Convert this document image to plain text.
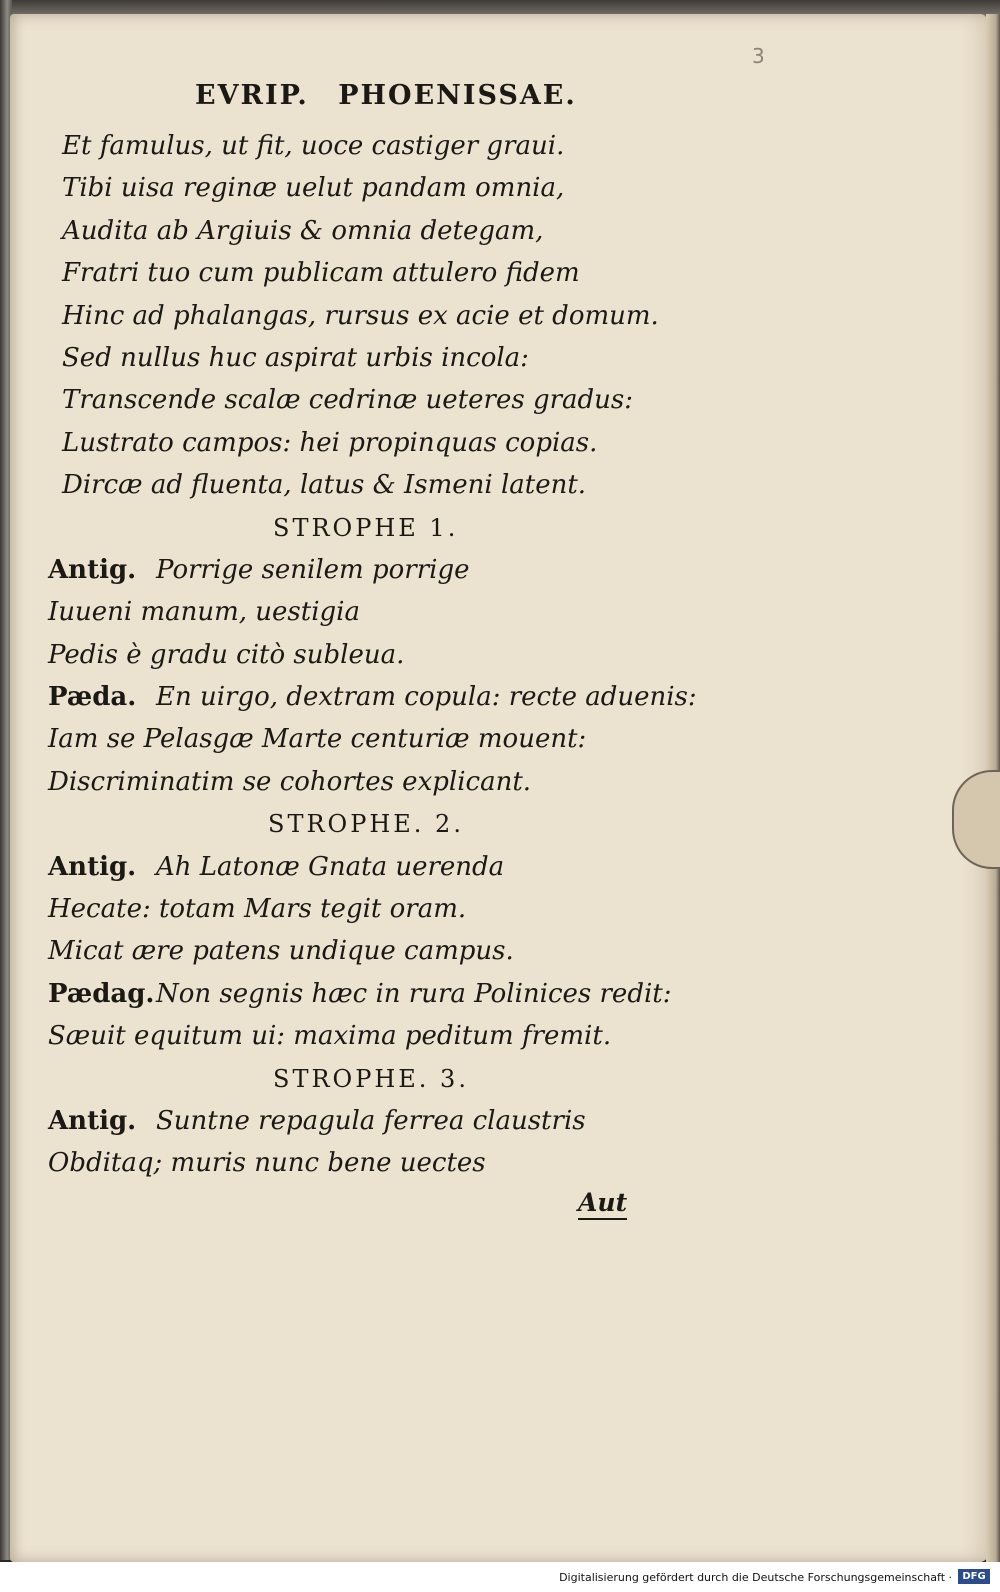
3
EVRIP. PHOENISSAE.
Et famulus, ut fit, uoce castiger graui.
Tibi uisa reginæ uelut pandam omnia,
Audita ab Argiuis & omnia detegam,
Fratri tuo cum publicam attulero fidem
Hinc ad phalangas, rursus ex acie et domum.
Sed nullus huc aspirat urbis incola:
Transcende scalæ cedrinæ ueteres gradus:
Lustrato campos: hei propinquas copias.
Dircæ ad fluenta, latus & Ismeni latent.
STROPHE 1.
Antig. Porrige senilem porrige
Iuueni manum, uestigia
Pedis è gradu citò subleua.
Pæda. En uirgo, dextram copula: recte aduenis:
Iam se Pelasgæ Marte centuriæ mouent:
Discriminatim se cohortes explicant.
STROPHE. 2.
Antig. Ah Latonæ Gnata uerenda
Hecate: totam Mars tegit oram.
Micat ære patens undique campus.
Pædag.Non segnis hæc in rura Polinices redit:
Sæuit equitum ui: maxima peditum fremit.
STROPHE. 3.
Antig. Suntne repagula ferrea claustris
Obditaq; muris nunc bene uectes
Aut
Digitalisierung gefördert durch die Deutsche Forschungsgemeinschaft ·	DFG
